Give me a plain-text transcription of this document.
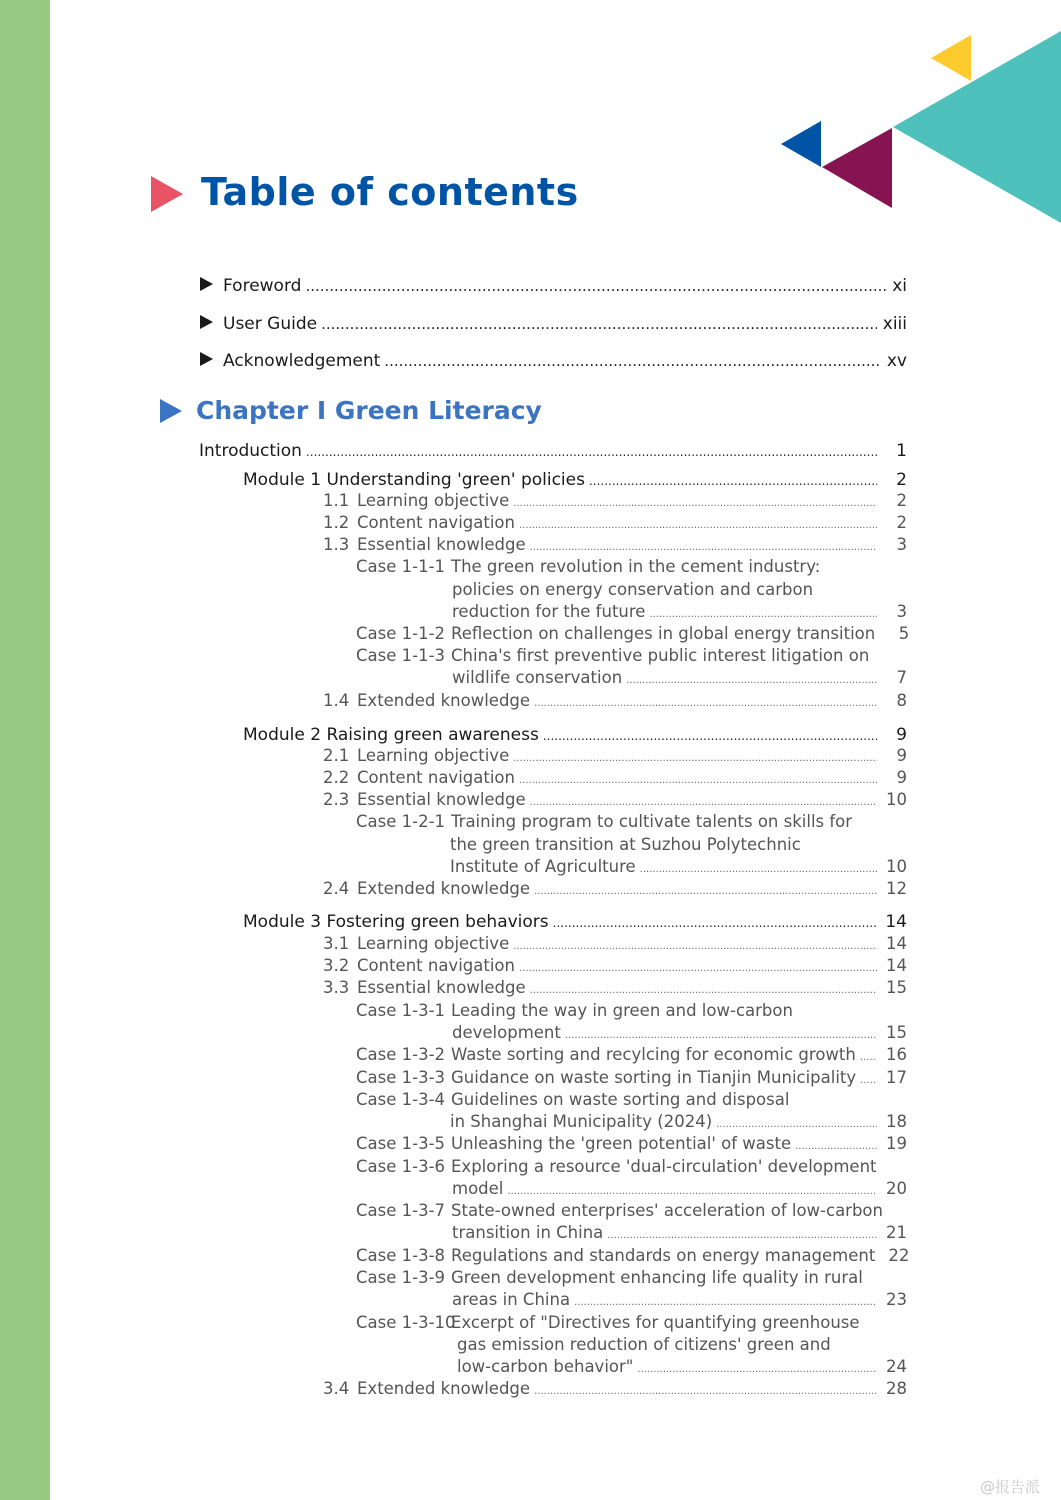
Table of contents
Foreword .....	xi
User Guide .....	xiii
Acknowledgement .....	xv
Chapter I Green Literacy
Introduction .....	1
Module 1 Understanding 'green' policies .....	2
1.1 Learning objective .....	2
1.2 Content navigation .....	2
1.3 Essential knowledge .....	3
Case 1-1-1 The green revolution in the cement industry:
policies on energy conservation and carbon
reduction for the future .....	3
Case 1-1-2 Reflection on challenges in global energy transition	5
Case 1-1-3 China's first preventive public interest litigation on
wildlife conservation .....	7
1.4 Extended knowledge .....	8
Module 2 Raising green awareness .....	9
2.1 Learning objective .....	9
2.2 Content navigation .....	9
2.3 Essential knowledge .....	10
Case 1-2-1 Training program to cultivate talents on skills for
the green transition at Suzhou Polytechnic
Institute of Agriculture .....	10
2.4 Extended knowledge .....	12
Module 3 Fostering green behaviors .....	14
3.1 Learning objective .....	14
3.2 Content navigation .....	14
3.3 Essential knowledge .....	15
Case 1-3-1 Leading the way in green and low-carbon
development .....	15
Case 1-3-2 Waste sorting and recylcing for economic growth ..... 16
Case 1-3-3 Guidance on waste sorting in Tianjin Municipality ..... 17
Case 1-3-4 Guidelines on waste sorting and disposal
in Shanghai Municipality (2024) .....	18
Case 1-3-5 Unleashing the 'green potential' of waste .....	19
Case 1-3-6 Exploring a resource 'dual-circulation' development
model .....	20
Case 1-3-7 State-owned enterprises' acceleration of low-carbon
transition in China .....	21
Case 1-3-8 Regulations and standards on energy management 22
Case 1-3-9 Green development enhancing life quality in rural
areas in China .....	23
Case 1-3-10Excerpt of "Directives for quantifying greenhouse
gas emission reduction of citizens' green and
low-carbon behavior" .....	24
3.4 Extended knowledge .....	28
@报告派
